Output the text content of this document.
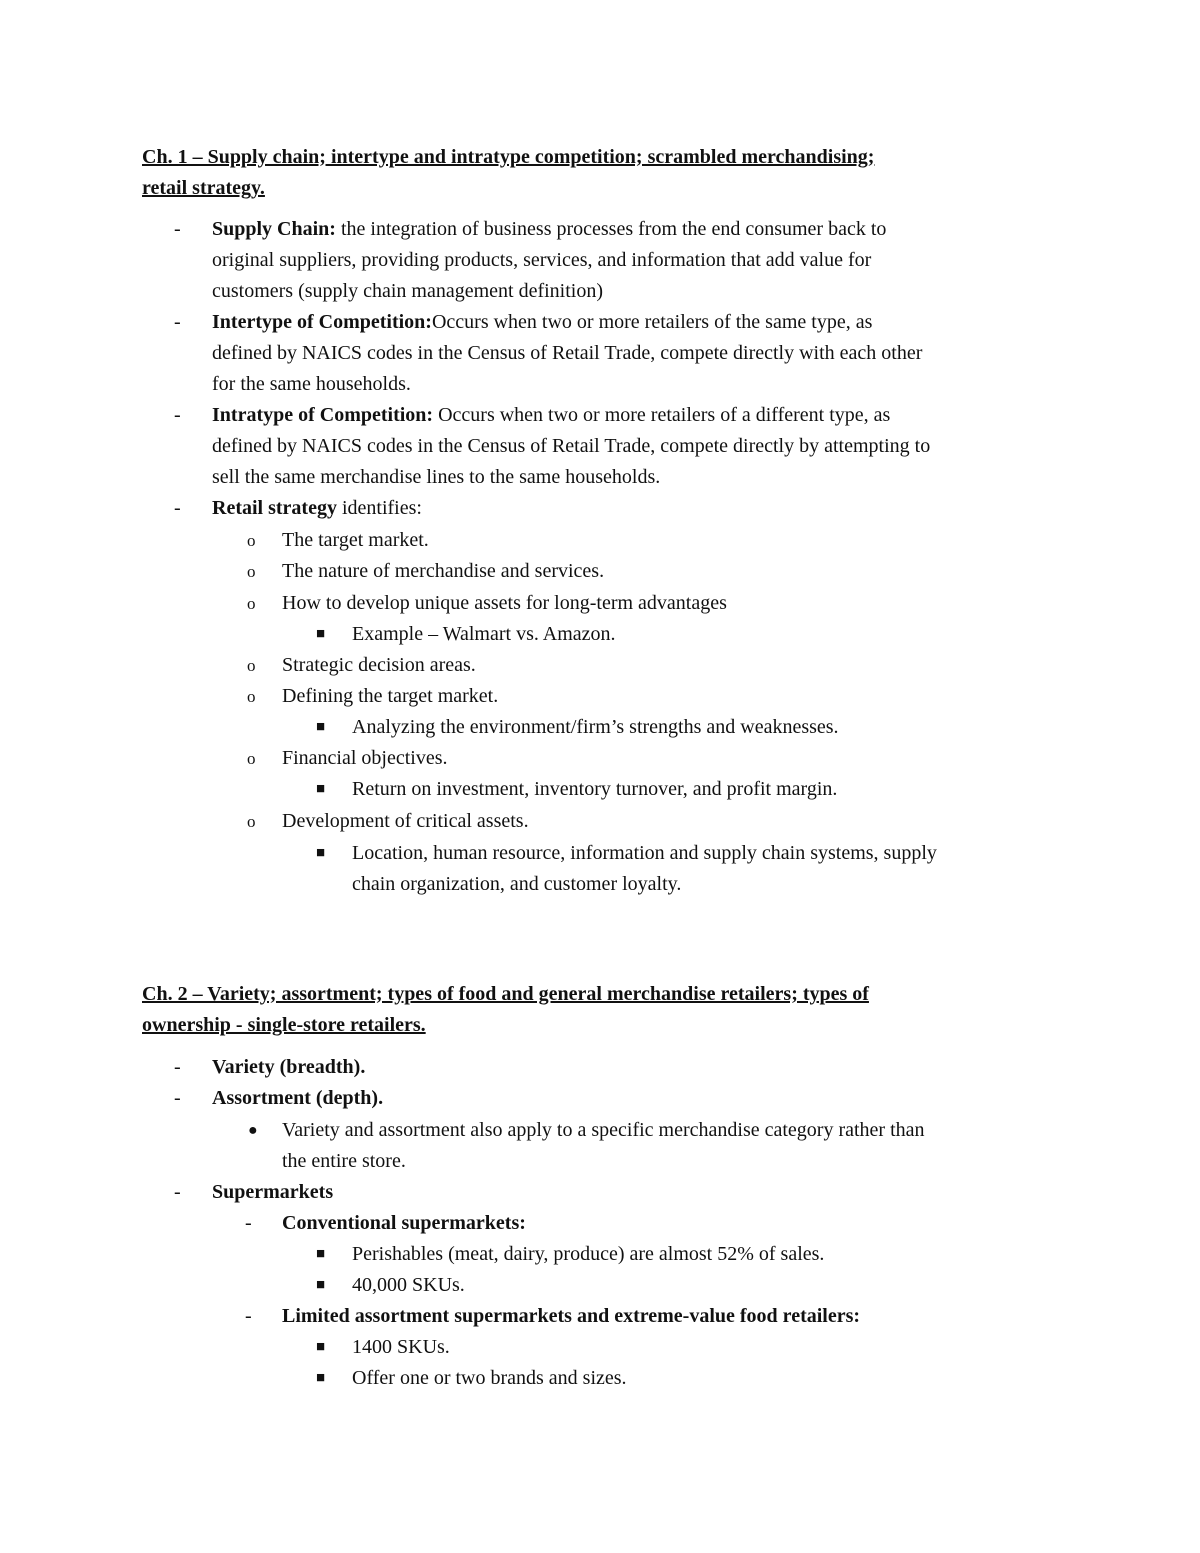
Ch. 1 – Supply chain; intertype and intratype competition; scrambled merchandising;
retail strategy.
- Supply Chain: the integration of business processes from the end consumer back to
original suppliers, providing products, services, and information that add value for
customers (supply chain management definition)
- Intertype of Competition:Occurs when two or more retailers of the same type, as
defined by NAICS codes in the Census of Retail Trade, compete directly with each other
for the same households.
- Intratype of Competition: Occurs when two or more retailers of a different type, as
defined by NAICS codes in the Census of Retail Trade, compete directly by attempting to
sell the same merchandise lines to the same households.
- Retail strategy identifies:
o The target market.
o The nature of merchandise and services.
o How to develop unique assets for long-term advantages
■ Example – Walmart vs. Amazon.
o Strategic decision areas.
o Defining the target market.
■ Analyzing the environment/firm’s strengths and weaknesses.
o Financial objectives.
■ Return on investment, inventory turnover, and profit margin.
o Development of critical assets.
■ Location, human resource, information and supply chain systems, supply
chain organization, and customer loyalty.
Ch. 2 – Variety; assortment; types of food and general merchandise retailers; types of
ownership - single-store retailers.
- Variety (breadth).
- Assortment (depth).
● Variety and assortment also apply to a specific merchandise category rather than
the entire store.
- Supermarkets
- Conventional supermarkets:
■ Perishables (meat, dairy, produce) are almost 52% of sales.
■ 40,000 SKUs.
- Limited assortment supermarkets and extreme-value food retailers:
■ 1400 SKUs.
■ Offer one or two brands and sizes.
